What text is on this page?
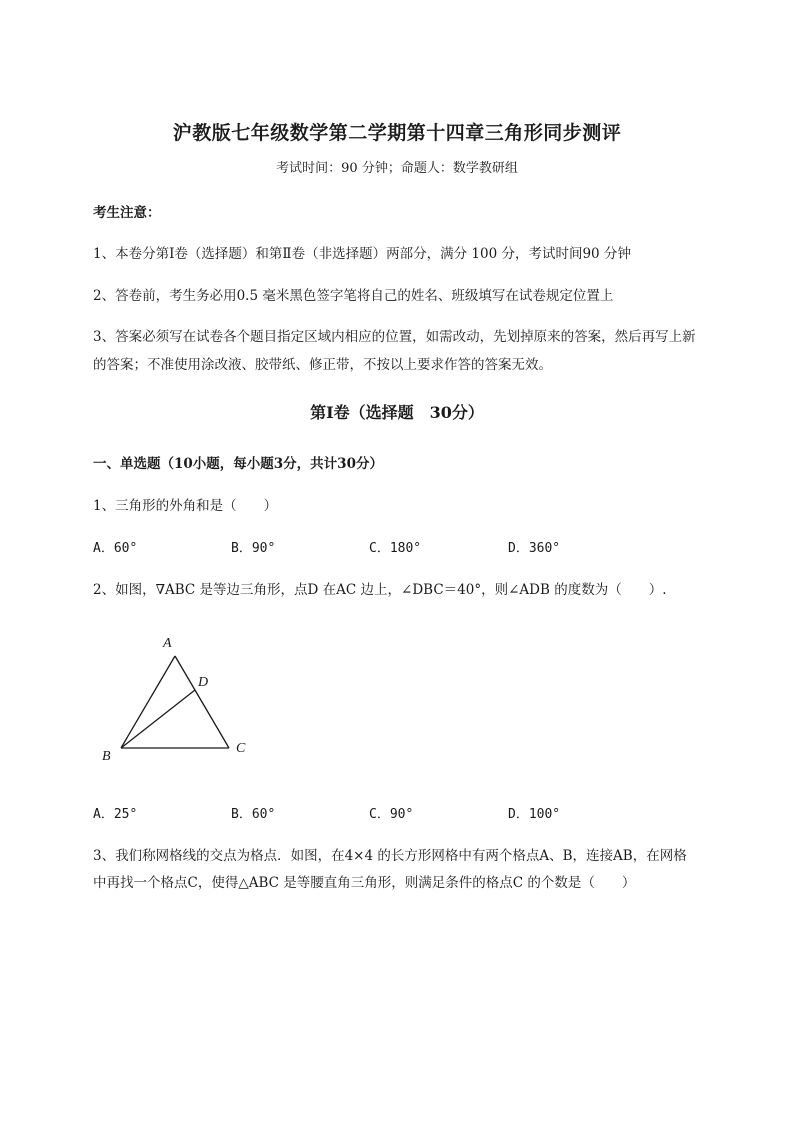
沪教版七年级数学第二学期第十四章三角形同步测评
考试时间：90 分钟；命题人：数学教研组
考生注意：
1、本卷分第Ⅰ卷（选择题）和第Ⅱ卷（非选择题）两部分，满分 100 分，考试时间90 分钟
2、答卷前，考生务必用0.5 毫米黑色签字笔将自己的姓名、班级填写在试卷规定位置上
3、答案必须写在试卷各个题目指定区域内相应的位置，如需改动，先划掉原来的答案，然后再写上新
的答案；不准使用涂改液、胶带纸、修正带，不按以上要求作答的答案无效。
第Ⅰ卷（选择题　30分）
一、单选题（10小题，每小题3分，共计30分）
1、三角形的外角和是（　　）
A．60°	B．90°	C．180°	D．360°
2、如图，∇ABC 是等边三角形，点D 在AC 边上，∠DBC＝40°，则∠ADB 的度数为（　　）.
A
D
B
C
A．25°	B．60°	C．90°	D．100°
3、我们称网格线的交点为格点．如图，在4×4 的长方形网格中有两个格点A、B，连接AB，在网格
中再找一个格点C，使得△ABC 是等腰直角三角形，则满足条件的格点C 的个数是（　　）
